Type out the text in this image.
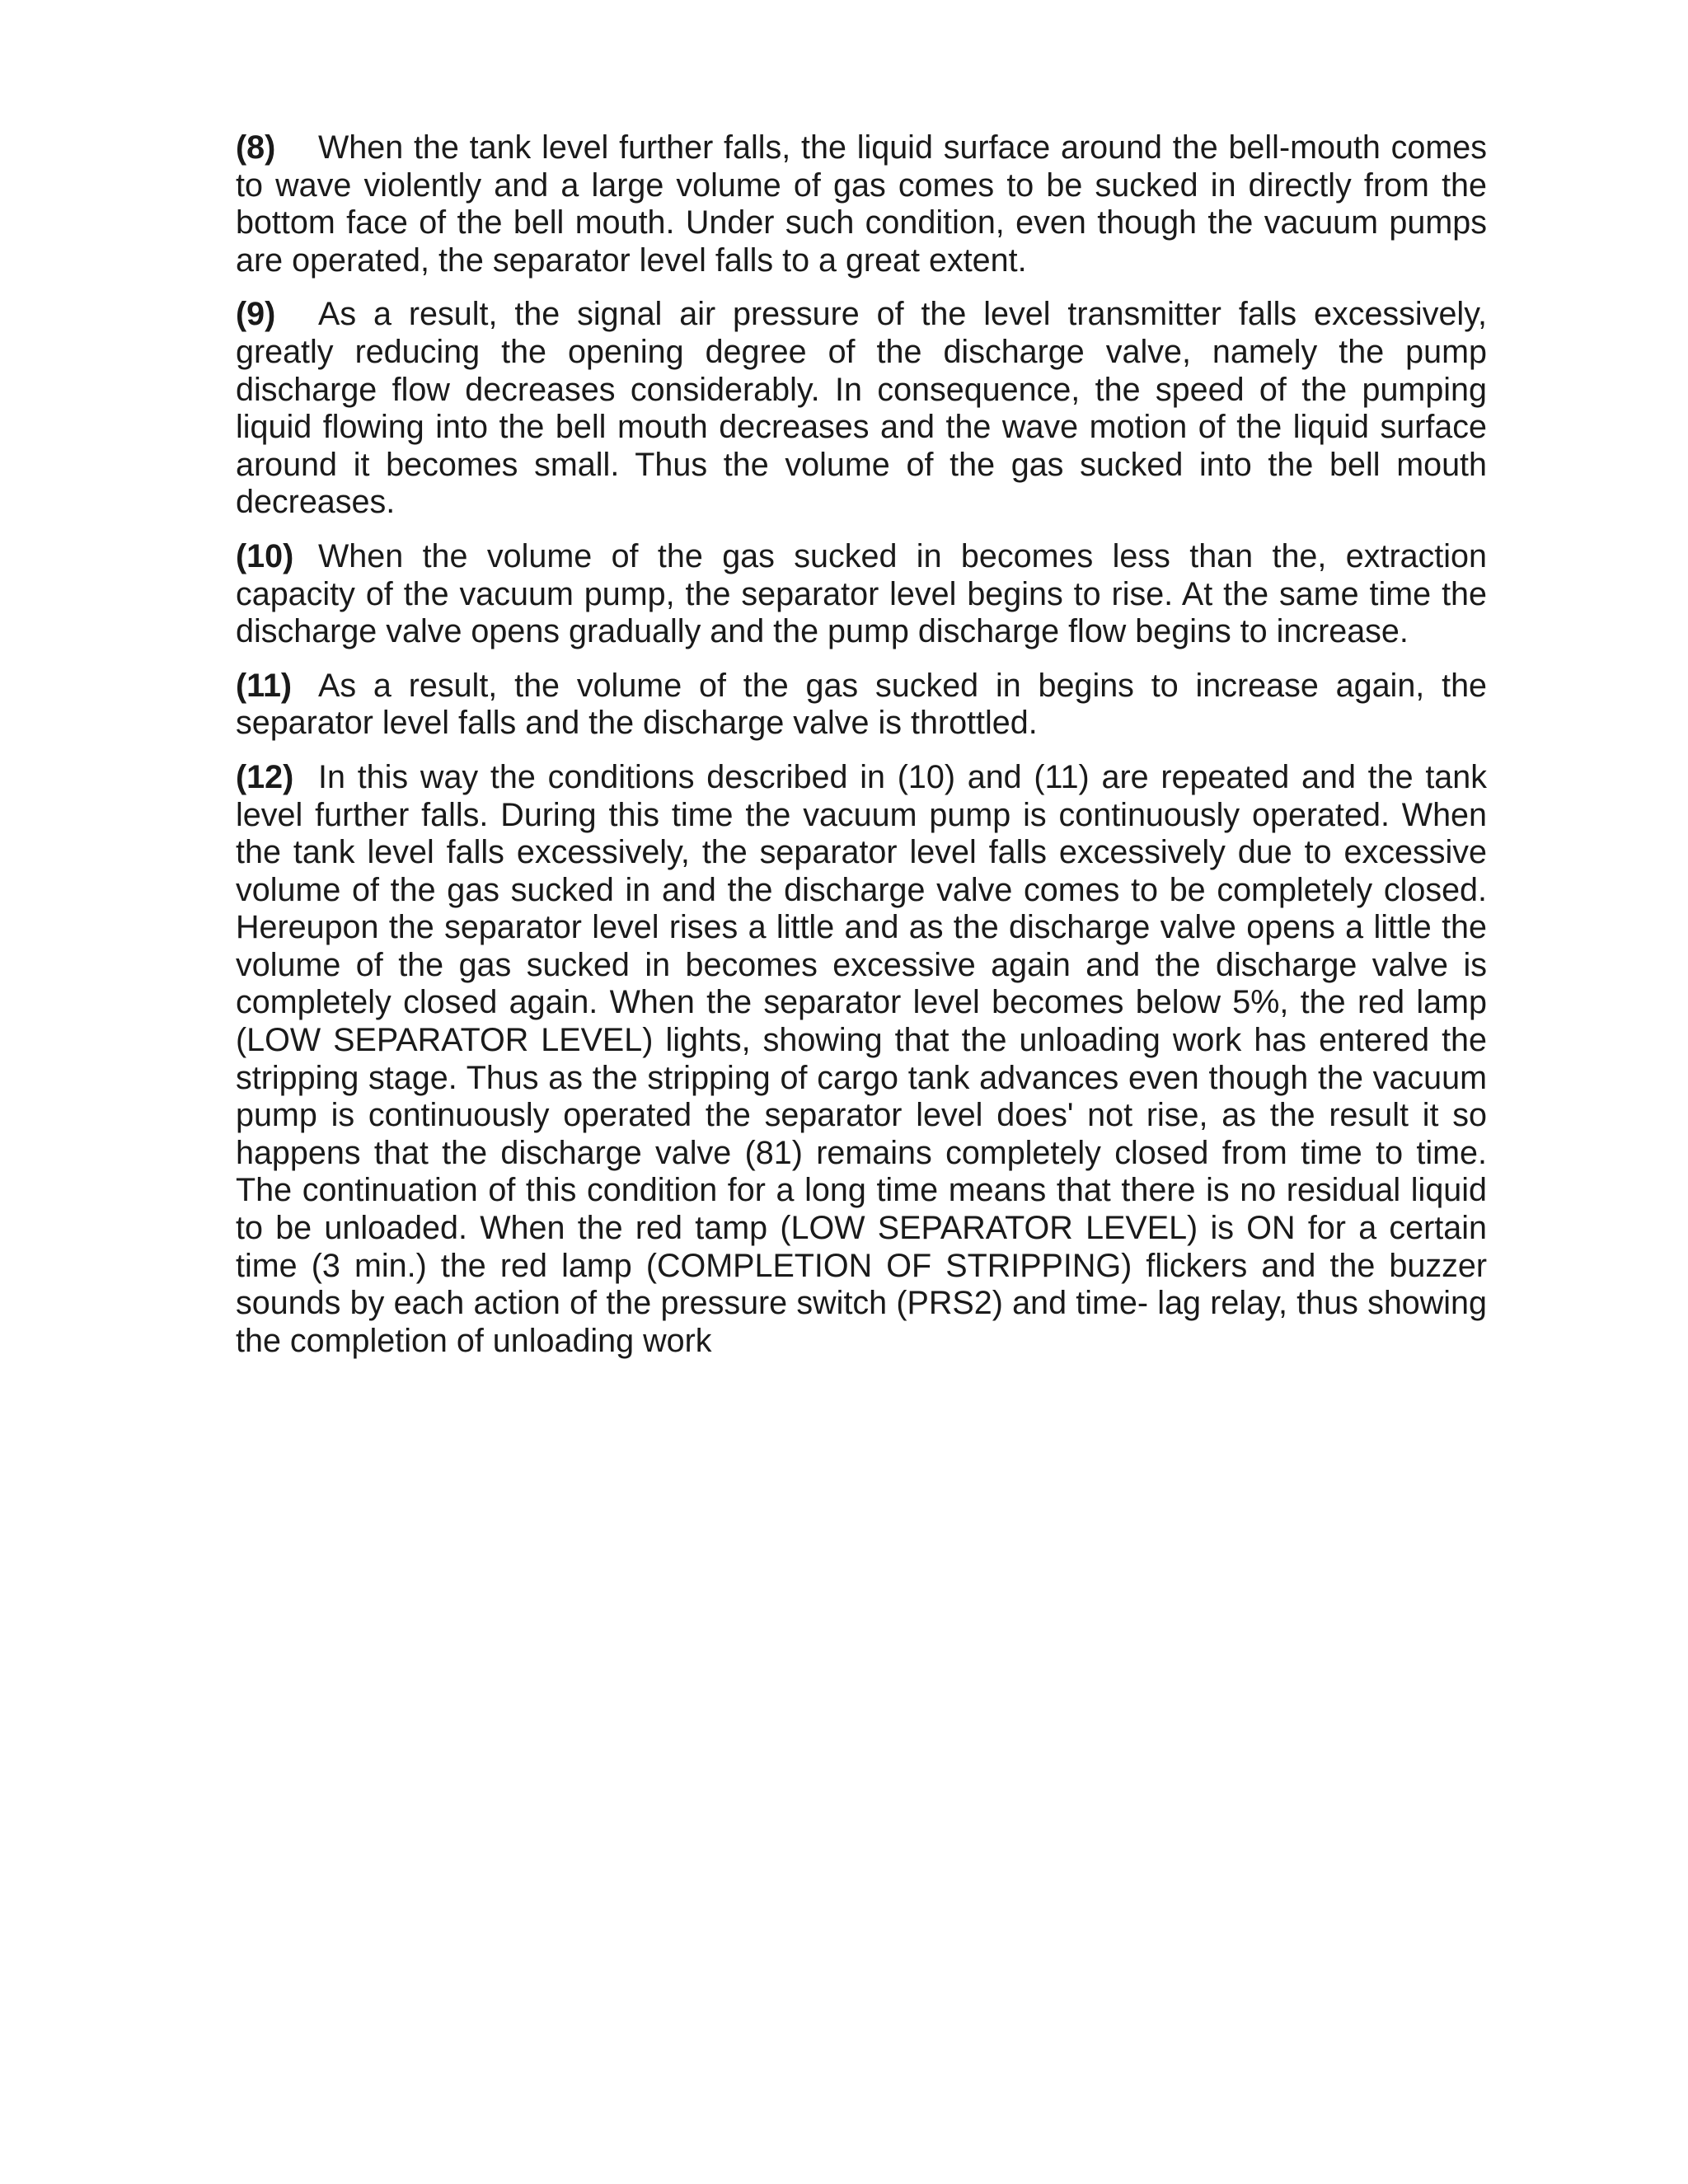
(8) When the tank level further falls, the liquid surface around the bell-mouth comes to wave violently and a large volume of gas comes to be sucked in directly from the bottom face of the bell mouth. Under such condition, even though the vacuum pumps are operated, the separator level falls to a great extent.

(9) As a result, the signal air pressure of the level transmitter falls excessively, greatly reducing the opening degree of the discharge valve, namely the pump discharge flow decreases considerably. In consequence, the speed of the pumping liquid flowing into the bell mouth decreases and the wave motion of the liquid surface around it becomes small. Thus the volume of the gas sucked into the bell mouth decreases.

(10) When the volume of the gas sucked in becomes less than the, extraction capacity of the vacuum pump, the separator level begins to rise. At the same time the discharge valve opens gradually and the pump discharge flow begins to increase.

(11) As a result, the volume of the gas sucked in begins to increase again, the separator level falls and the discharge valve is throttled.

(12) In this way the conditions described in (10) and (11) are repeated and the tank level further falls. During this time the vacuum pump is continuously operated. When the tank level falls excessively, the separator level falls excessively due to excessive volume of the gas sucked in and the discharge valve comes to be completely closed. Hereupon the separator level rises a little and as the discharge valve opens a little the volume of the gas sucked in becomes excessive again and the discharge valve is completely closed again. When the separator level becomes below 5%, the red lamp (LOW SEPARATOR LEVEL) lights, showing that the unloading work has entered the stripping stage. Thus as the stripping of cargo tank advances even though the vacuum pump is continuously operated the separator level does' not rise, as the result it so happens that the discharge valve (81) remains completely closed from time to time. The continuation of this condition for a long time means that there is no residual liquid to be unloaded. When the red tamp (LOW SEPARATOR LEVEL) is ON for a certain time (3 min.) the red lamp (COMPLETION OF STRIPPING) flickers and the buzzer sounds by each action of the pressure switch (PRS2) and time- lag relay, thus showing the completion of unloading work
